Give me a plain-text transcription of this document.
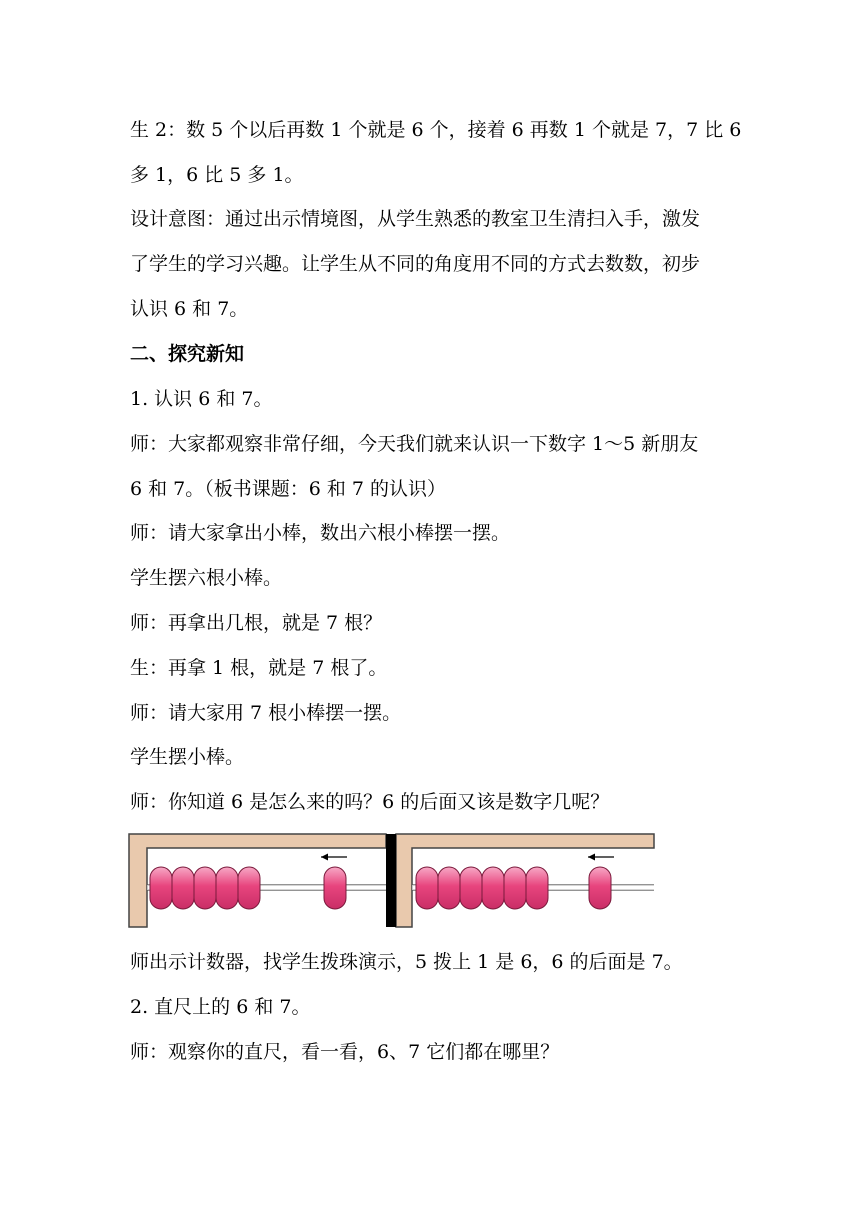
生 2：数 5 个以后再数 1 个就是 6 个，接着 6 再数 1 个就是 7，7 比 6
多 1，6 比 5 多 1。
设计意图：通过出示情境图，从学生熟悉的教室卫生清扫入手，激发
了学生的学习兴趣。让学生从不同的角度用不同的方式去数数，初步
认识 6 和 7。
二、探究新知
1. 认识 6 和 7。
师：大家都观察非常仔细，今天我们就来认识一下数字 1～5 新朋友
6 和 7。（板书课题：6 和 7 的认识）
师：请大家拿出小棒，数出六根小棒摆一摆。
学生摆六根小棒。
师：再拿出几根，就是 7 根？
生：再拿 1 根，就是 7 根了。
师：请大家用 7 根小棒摆一摆。
学生摆小棒。
师：你知道 6 是怎么来的吗？6 的后面又该是数字几呢？
师出示计数器，找学生拨珠演示，5 拨上 1 是 6，6 的后面是 7。
2. 直尺上的 6 和 7。
师：观察你的直尺，看一看，6、7 它们都在哪里？
